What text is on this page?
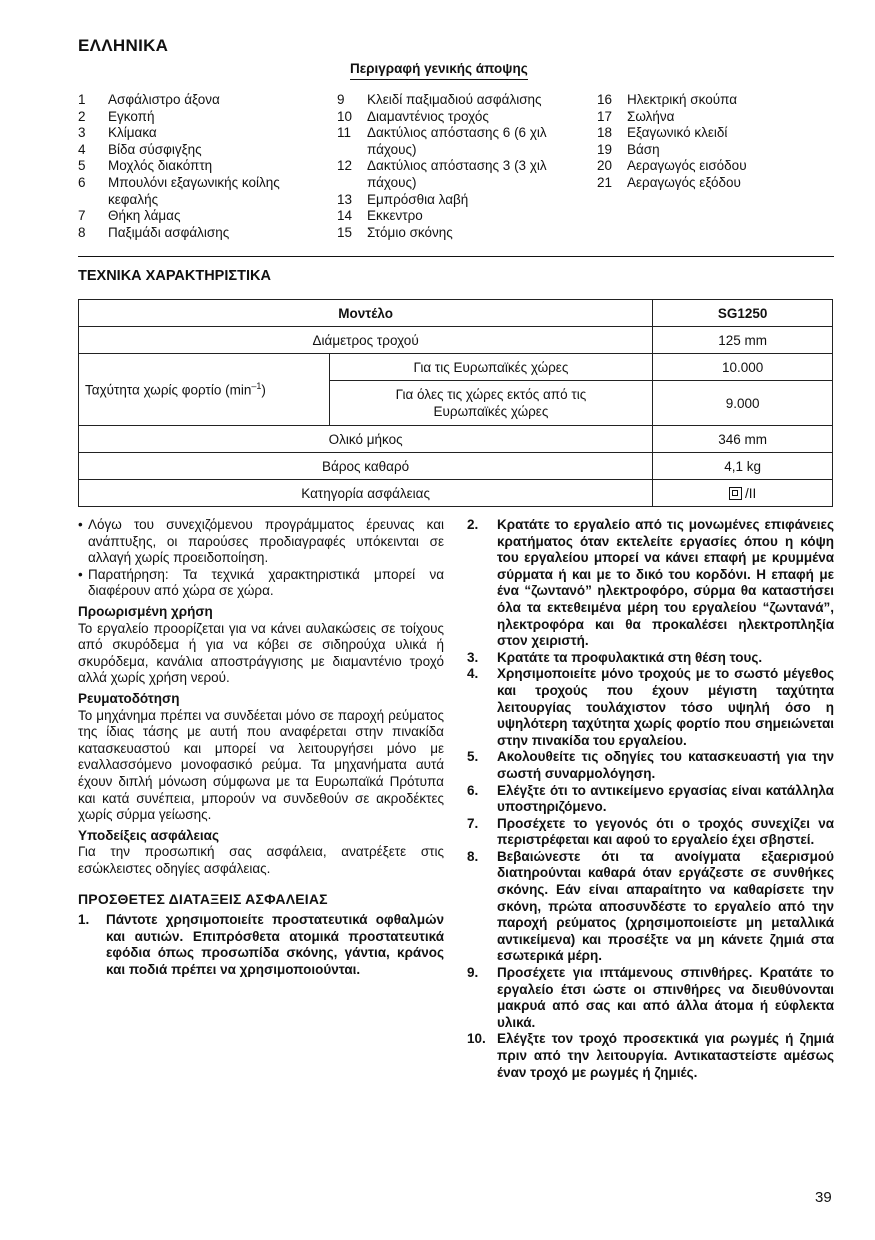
ΕΛΛΗΝΙΚΑ
Περιγραφή γενικής άποψης
1	Ασφάλιστρο άξονα
2	Εγκοπή
3	Κλίμακα
4	Βίδα σύσφιγξης
5	Μοχλός διακόπτη
6	Μπουλόνι εξαγωνικής κοίλης κεφαλής
7	Θήκη λάμας
8	Παξιμάδι ασφάλισης
9	Κλειδί παξιμαδιού ασφάλισης
10	Διαμαντένιος τροχός
11	Δακτύλιος απόστασης 6 (6 χιλ πάχους)
12	Δακτύλιος απόστασης 3 (3 χιλ πάχους)
13	Εμπρόσθια λαβή
14	Εκκεντρο
15	Στόμιο σκόνης
16	Ηλεκτρική σκούπα
17	Σωλήνα
18	Εξαγωνικό κλειδί
19	Βάση
20	Αεραγωγός εισόδου
21	Αεραγωγός εξόδου
ΤΕΧΝΙΚΑ ΧΑΡΑΚΤΗΡΙΣΤΙΚΑ
Μοντέλο		SG1250
Διάμετρος τροχού		125 mm
Ταχύτητα χωρίς φορτίο $(\min^{-1})$	Για τις Ευρωπαϊκές χώρες	10.000
	Για όλες τις χώρες εκτός από τις Ευρωπαϊκές χώρες	9.000
Ολικό μήκος		346 mm
Βάρος καθαρό		4,1 kg
Κατηγορία ασφάλειας		/II
• Λόγω του συνεχιζόμενου προγράμματος έρευνας και ανάπτυξης, οι παρούσες προδιαγραφές υπόκεινται σε αλλαγή χωρίς προειδοποίηση.
• Παρατήρηση: Τα τεχνικά χαρακτηριστικά μπορεί να διαφέρουν από χώρα σε χώρα.
Προωρισμένη χρήση

Το εργαλείο προορίζεται για να κάνει αυλακώσεις σε τοίχους από σκυρόδεμα ή για να κόβει σε σιδηρούχα υλικά ή σκυρόδεμα, κανάλια αποστράγγισης με διαμαντένιο τροχό αλλά χωρίς χρήση νερού.

Ρευματοδότηση

Το μηχάνημα πρέπει να συνδέεται μόνο σε παροχή ρεύματος της ίδιας τάσης με αυτή που αναφέρεται στην πινακίδα κατασκευαστού και μπορεί να λειτουργήσει μόνο με εναλλασσόμενο μονοφασικό ρεύμα. Τα μηχανήματα αυτά έχουν διπλή μόνωση σύμφωνα με τα Ευρωπαϊκά Πρότυπα και κατά συνέπεια, μπορούν να συνδεθούν σε ακροδέκτες χωρίς σύρμα γείωσης.

Υποδείξεις ασφάλειας

Για την προσωπική σας ασφάλεια, ανατρέξετε στις εσώκλειστες οδηγίες ασφάλειας.

ΠΡΟΣΘΕΤΕΣ ΔΙΑΤΑΞΕΙΣ ΑΣΦΑΛΕΙΑΣ
1.	Πάντοτε χρησιμοποιείτε προστατευτικά οφθαλμών και αυτιών. Επιπρόσθετα ατομικά προστατευτικά εφόδια όπως προσωπίδα σκόνης, γάντια, κράνος και ποδιά πρέπει να χρησιμοποιούνται.
2.	Κρατάτε το εργαλείο από τις μονωμένες επιφάνειες κρατήματος όταν εκτελείτε εργασίες όπου η κόψη του εργαλείου μπορεί να κάνει επαφή με κρυμμένα σύρματα ή και με το δικό του κορδόνι. Η επαφή με ένα “ζωντανό” ηλεκτροφόρο, σύρμα θα καταστήσει όλα τα εκτεθειμένα μέρη του εργαλείου “ζωντανά”, ηλεκτροφόρα και θα προκαλέσει ηλεκτροπληξία στον χειριστή.
3.	Κρατάτε τα προφυλακτικά στη θέση τους.
4.	Χρησιμοποιείτε μόνο τροχούς με το σωστό μέγεθος και τροχούς που έχουν μέγιστη ταχύτητα λειτουργίας τουλάχιστον τόσο υψηλή όσο η υψηλότερη ταχύτητα χωρίς φορτίο που σημειώνεται στην πινακίδα του εργαλείου.
5.	Ακολουθείτε τις οδηγίες του κατασκευαστή για την σωστή συναρμολόγηση.
6.	Ελέγξτε ότι το αντικείμενο εργασίας είναι κατάλληλα υποστηριζόμενο.
7.	Προσέχετε το γεγονός ότι ο τροχός συνεχίζει να περιστρέφεται και αφού το εργαλείο έχει σβηστεί.
8.	Βεβαιώνεστε ότι τα ανοίγματα εξαερισμού διατηρούνται καθαρά όταν εργάζεστε σε συνθήκες σκόνης. Εάν είναι απαραίτητο να καθαρίσετε την σκόνη, πρώτα αποσυνδέστε το εργαλείο από την παροχή ρεύματος (χρησιμοποιείστε μη μεταλλικά αντικείμενα) και προσέξτε να μη κάνετε ζημιά στα εσωτερικά μέρη.
9.	Προσέχετε για ιπτάμενους σπινθήρες. Κρατάτε το εργαλείο έτσι ώστε οι σπινθήρες να διευθύνονται μακρυά από σας και από άλλα άτομα ή εύφλεκτα υλικά.
10. Ελέγξτε τον τροχό προσεκτικά για ρωγμές ή ζημιά πριν από την λειτουργία. Αντικαταστείστε αμέσως έναν τροχό με ρωγμές ή ζημιές.
39
